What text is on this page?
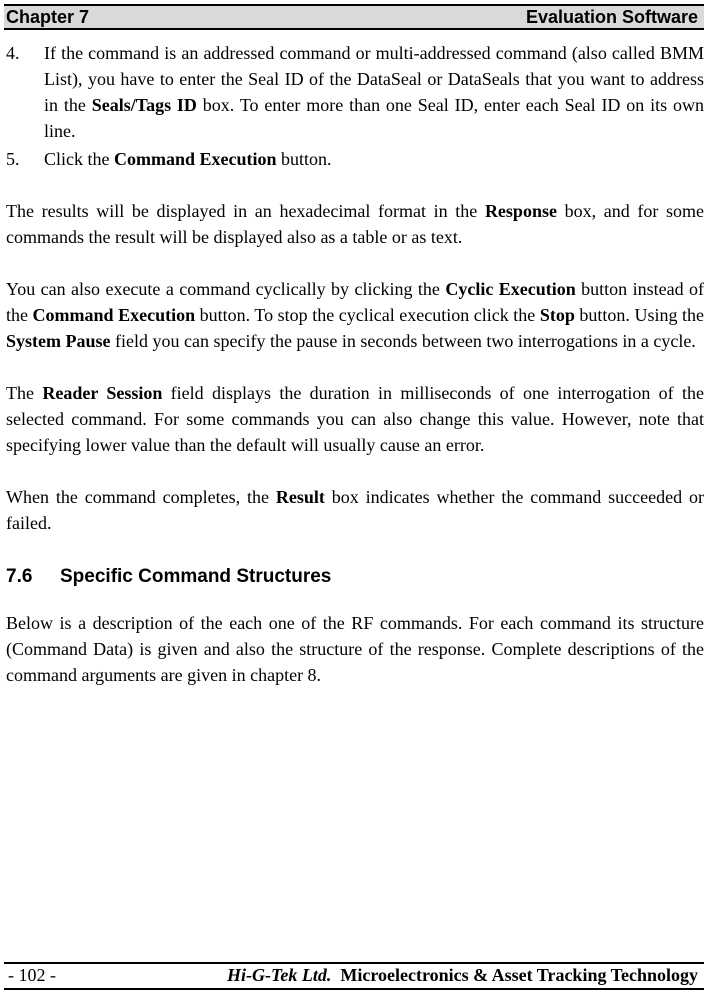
Chapter 7	Evaluation Software

4. If the command is an addressed command or multi-addressed command (also called BMM List), you have to enter the Seal ID of the DataSeal or DataSeals that you want to address in the Seals/Tags ID box. To enter more than one Seal ID, enter each Seal ID on its own line.

5. Click the Command Execution button.

The results will be displayed in an hexadecimal format in the Response box, and for some commands the result will be displayed also as a table or as text.

You can also execute a command cyclically by clicking the Cyclic Execution button instead of the Command Execution button. To stop the cyclical execution click the Stop button. Using the System Pause field you can specify the pause in seconds between two interrogations in a cycle.

The Reader Session field displays the duration in milliseconds of one interrogation of the selected command. For some commands you can also change this value. However, note that specifying lower value than the default will usually cause an error.

When the command completes, the Result box indicates whether the command succeeded or failed.

7.6 Specific Command Structures

Below is a description of the each one of the RF commands. For each command its structure (Command Data) is given and also the structure of the response. Complete descriptions of the command arguments are given in chapter 8.

- 102 -	Hi-G-Tek Ltd. Microelectronics & Asset Tracking Technology
